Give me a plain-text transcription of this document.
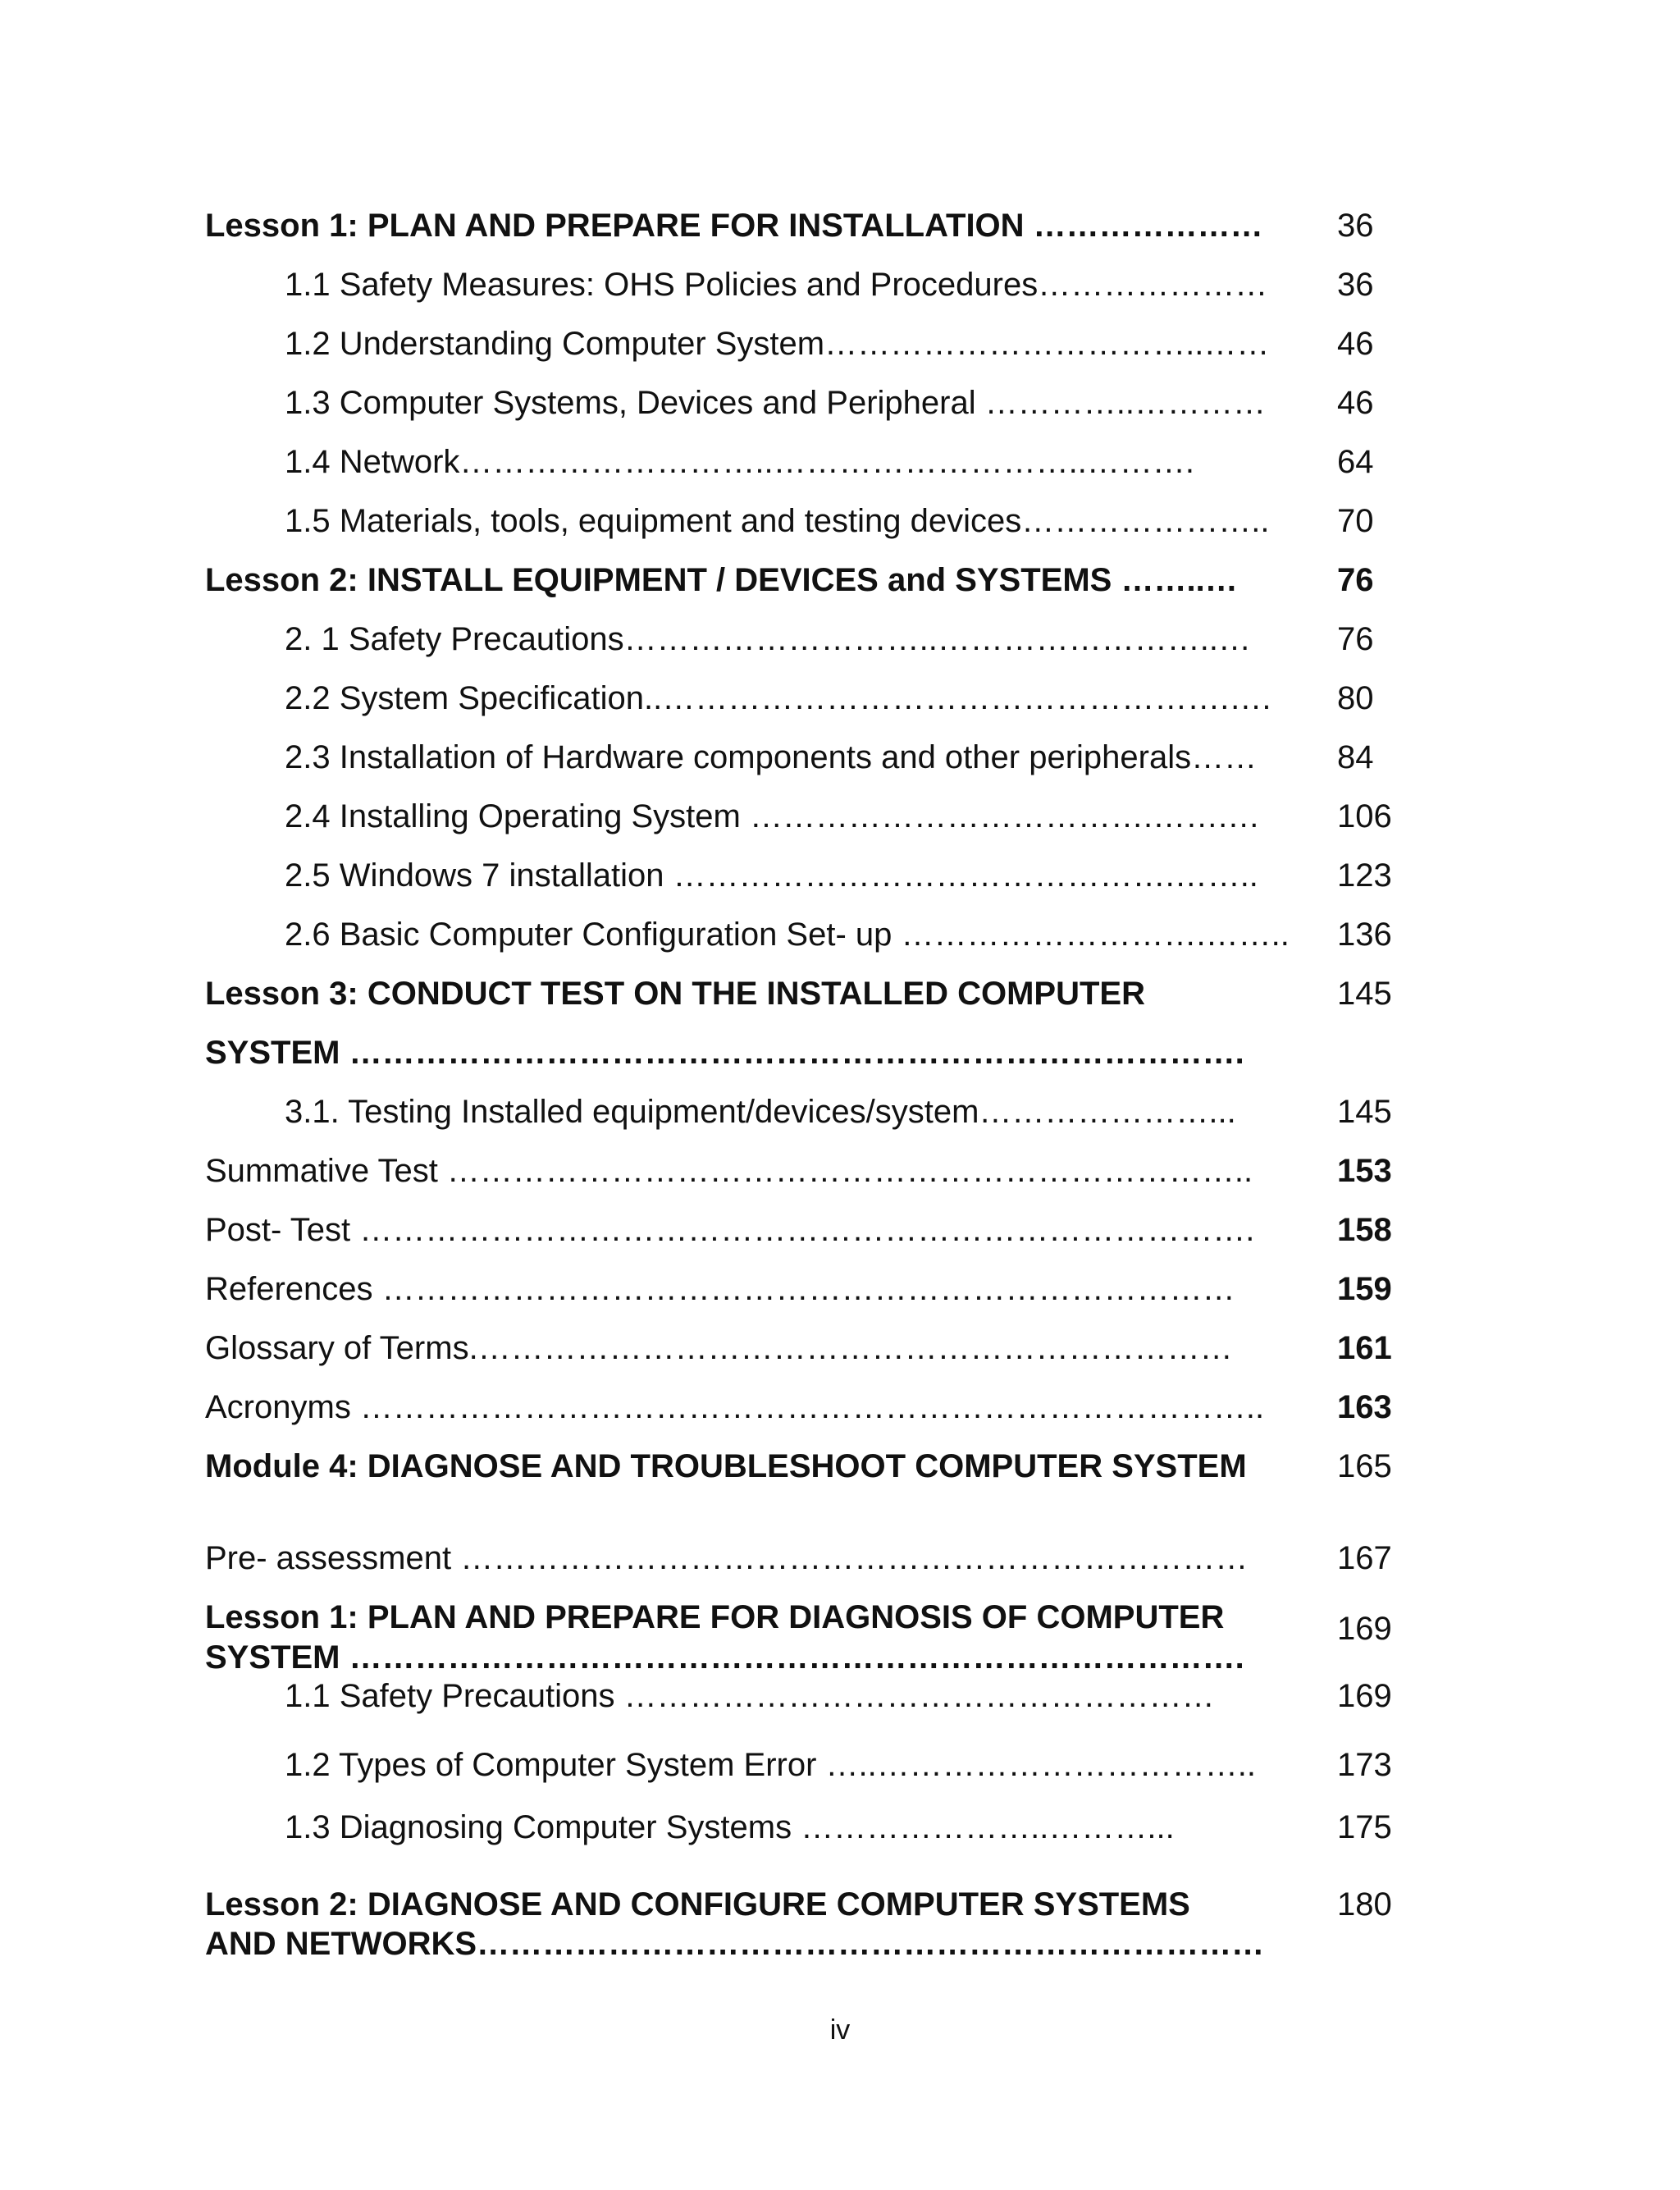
Lesson 1: PLAN AND PREPARE FOR INSTALLATION ………………… 36
1.1 Safety Measures: OHS Policies and Procedures………………… 36
1.2 Understanding Computer System……………………………..…… 46
1.3 Computer Systems, Devices and Peripheral …………..………… 46
1.4 Network………………………..………………………..……….	64
1.5 Materials, tools, equipment and testing devices………………….. 70
Lesson 2: INSTALL EQUIPMENT / DEVICES and SYSTEMS ……..…	76
2. 1 Safety Precautions………………………..……………………..…	76
2.2 System Specification..…………………………………………….…. 80
2.3 Installation of Hardware components and other peripherals…… 84
2.4 Installing Operating System ……………………………….…….… 106
2.5 Windows 7 installation ……………………………………….…….. 123
2.6 Basic Computer Configuration Set- up ……………………….…….. 136
Lesson 3: CONDUCT TEST ON THE INSTALLED COMPUTER	145
SYSTEM ……………………………………………………………………….
3.1. Testing Installed equipment/devices/system…………………...	145
Summative Test ………………………………………………………………..	153
Post- Test ……………………………………………………………………….	158
References ……………………………………………………………………	159
Glossary of Terms.……………………………………………………………	161
Acronyms ……………………………………………………………………….. 163
Module 4: DIAGNOSE AND TROUBLESHOOT COMPUTER SYSTEM	165
Pre- assessment ………………………………………………………………	167
Lesson 1: PLAN AND PREPARE FOR DIAGNOSIS OF COMPUTER
SYSTEM ……………………………………………………………………….
169
1.1 Safety Precautions ………………………………………………	169
1.2 Types of Computer System Error …..…………………………….. 173
1.3 Diagnosing Computer Systems …………………..………...	175
Lesson 2: DIAGNOSE AND CONFIGURE COMPUTER SYSTEMS	180
AND NETWORKS………………………………………………………………
iv
